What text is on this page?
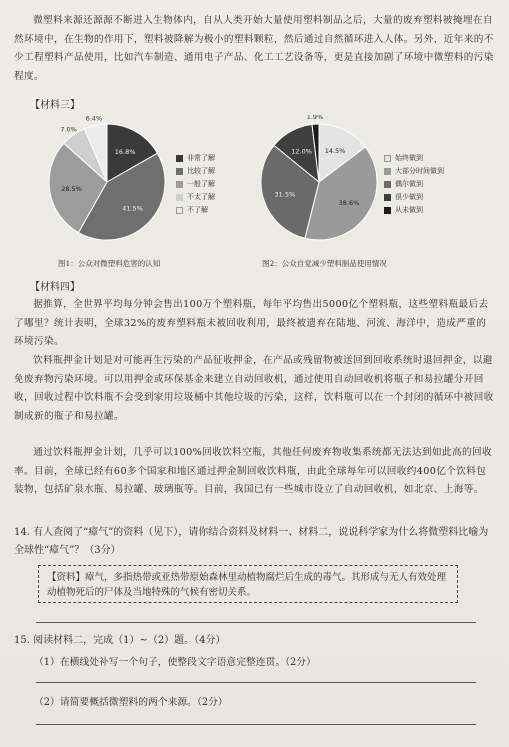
微塑料来源还源源不断进入生物体内，自从人类开始大量使用塑料制品之后，大量的废弃塑料被掩埋在自然环境中，在生物的作用下，塑料被降解为极小的塑料颗粒，然后通过自然循环进入人体。另外，近年来的不少工程塑料产品使用，比如汽车制造、通用电子产品、化工工艺设备等，更是直接加剧了环境中微塑料的污染程度。

【材料三】
16.8%
41.5%
28.5%
7.0%
6.4%
非常了解
比较了解
一般了解
不太了解
不了解
图1：公众对微塑料危害的认知
14.5%
38.6%
31.5%
12.0%
1.9%
始终做到
大部分时间做到
偶尔做到
很少做到
从未做到
图2：公众自觉减少塑料制品使用情况
【材料四】

据推算，全世界平均每分钟会售出100万个塑料瓶，每年平均售出5000亿个塑料瓶，这些塑料瓶最后去了哪里？统计表明，全球32%的废弃塑料瓶未被回收利用，最终被遗弃在陆地、河流、海洋中，造成严重的环境污染。

饮料瓶押金计划是对可能再生污染的产品征收押金，在产品或残留物被送回到回收系统时退回押金，以避免废弃物污染环境。可以用押金或环保基金来建立自动回收机，通过使用自动回收机将瓶子和易拉罐分开回收，回收过程中饮料瓶不会受到家用垃圾桶中其他垃圾的污染，这样，饮料瓶可以在一个封闭的循环中被回收制成新的瓶子和易拉罐。

通过饮料瓶押金计划，几乎可以100%回收饮料空瓶，其他任何废弃物收集系统都无法达到如此高的回收率。目前，全球已经有60多个国家和地区通过押金制回收饮料瓶，由此全球每年可以回收约400亿个饮料包装物，包括矿泉水瓶、易拉罐、玻璃瓶等。目前，我国已有一些城市设立了自动回收机，如北京、上海等。

14. 有人查阅了“瘴气”的资料（见下），请你结合资料及材料一、材料二，说说科学家为什么将微塑料比喻为全球性“瘴气”？（3分）
【资料】瘴气，多指热带或亚热带原始森林里动植物腐烂后生成的毒气。其形成与无人有效处理动植物死后的尸体及当地特殊的气候有密切关系。
15. 阅读材料二，完成（1）~（2）题。（4分）
（1）在横线处补写一个句子，使整段文字语意完整连贯。（2分）
（2）请简要概括微塑料的两个来源。（2分）
